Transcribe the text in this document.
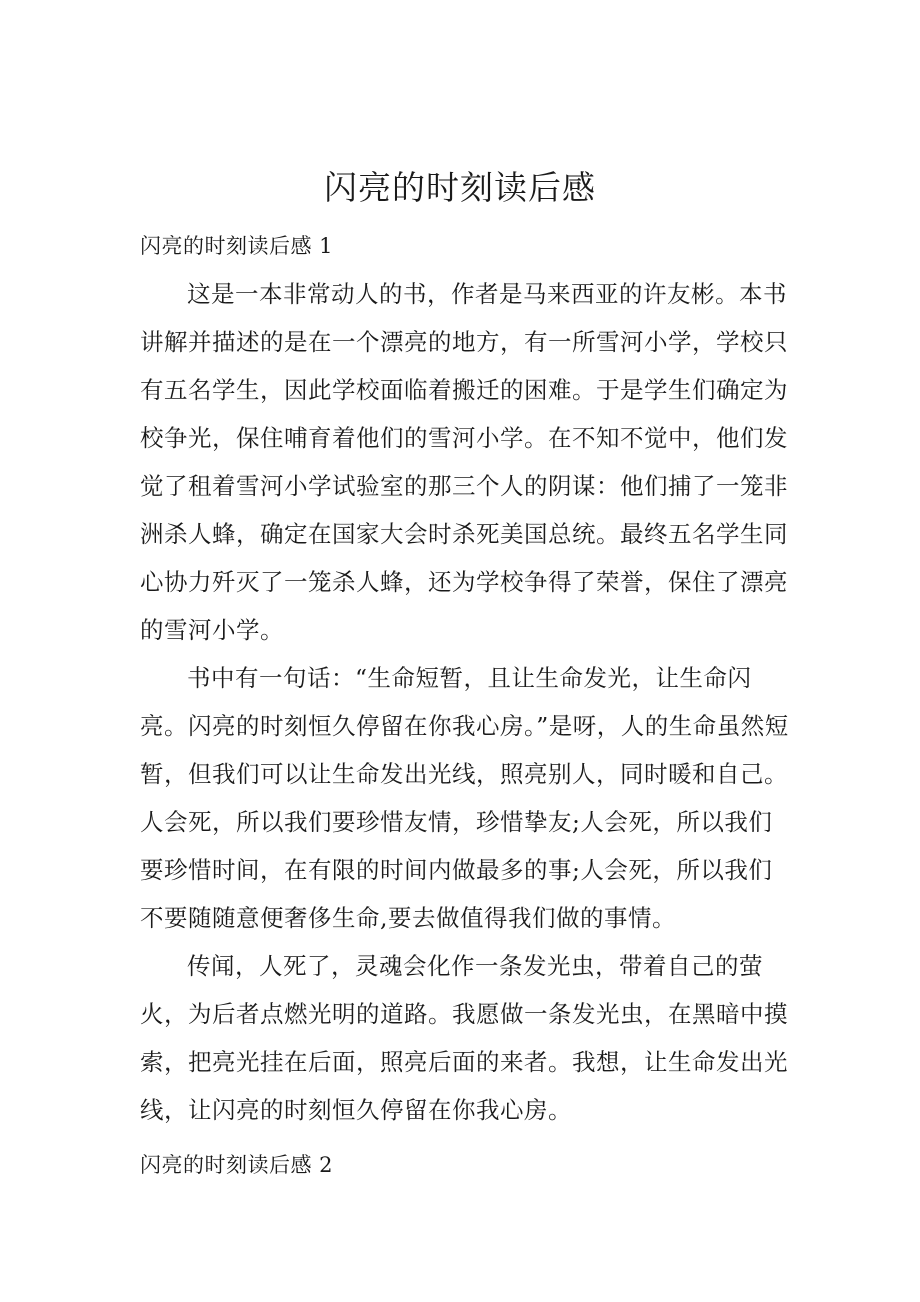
闪亮的时刻读后感
闪亮的时刻读后感 1

这是一本非常动人的书，作者是马来西亚的许友彬。本书讲解并描述的是在一个漂亮的地方，有一所雪河小学，学校只有五名学生，因此学校面临着搬迁的困难。于是学生们确定为校争光，保住哺育着他们的雪河小学。在不知不觉中，他们发觉了租着雪河小学试验室的那三个人的阴谋：他们捕了一笼非洲杀人蜂，确定在国家大会时杀死美国总统。最终五名学生同心协力歼灭了一笼杀人蜂，还为学校争得了荣誉，保住了漂亮的雪河小学。

书中有一句话：“生命短暂，且让生命发光，让生命闪亮。闪亮的时刻恒久停留在你我心房。”是呀，人的生命虽然短暂，但我们可以让生命发出光线，照亮别人，同时暖和自己。人会死，所以我们要珍惜友情，珍惜挚友;人会死，所以我们要珍惜时间，在有限的时间内做最多的事;人会死，所以我们不要随随意便奢侈生命,要去做值得我们做的事情。

传闻，人死了，灵魂会化作一条发光虫，带着自己的萤火，为后者点燃光明的道路。我愿做一条发光虫，在黑暗中摸索，把亮光挂在后面，照亮后面的来者。我想，让生命发出光线，让闪亮的时刻恒久停留在你我心房。

闪亮的时刻读后感 2
